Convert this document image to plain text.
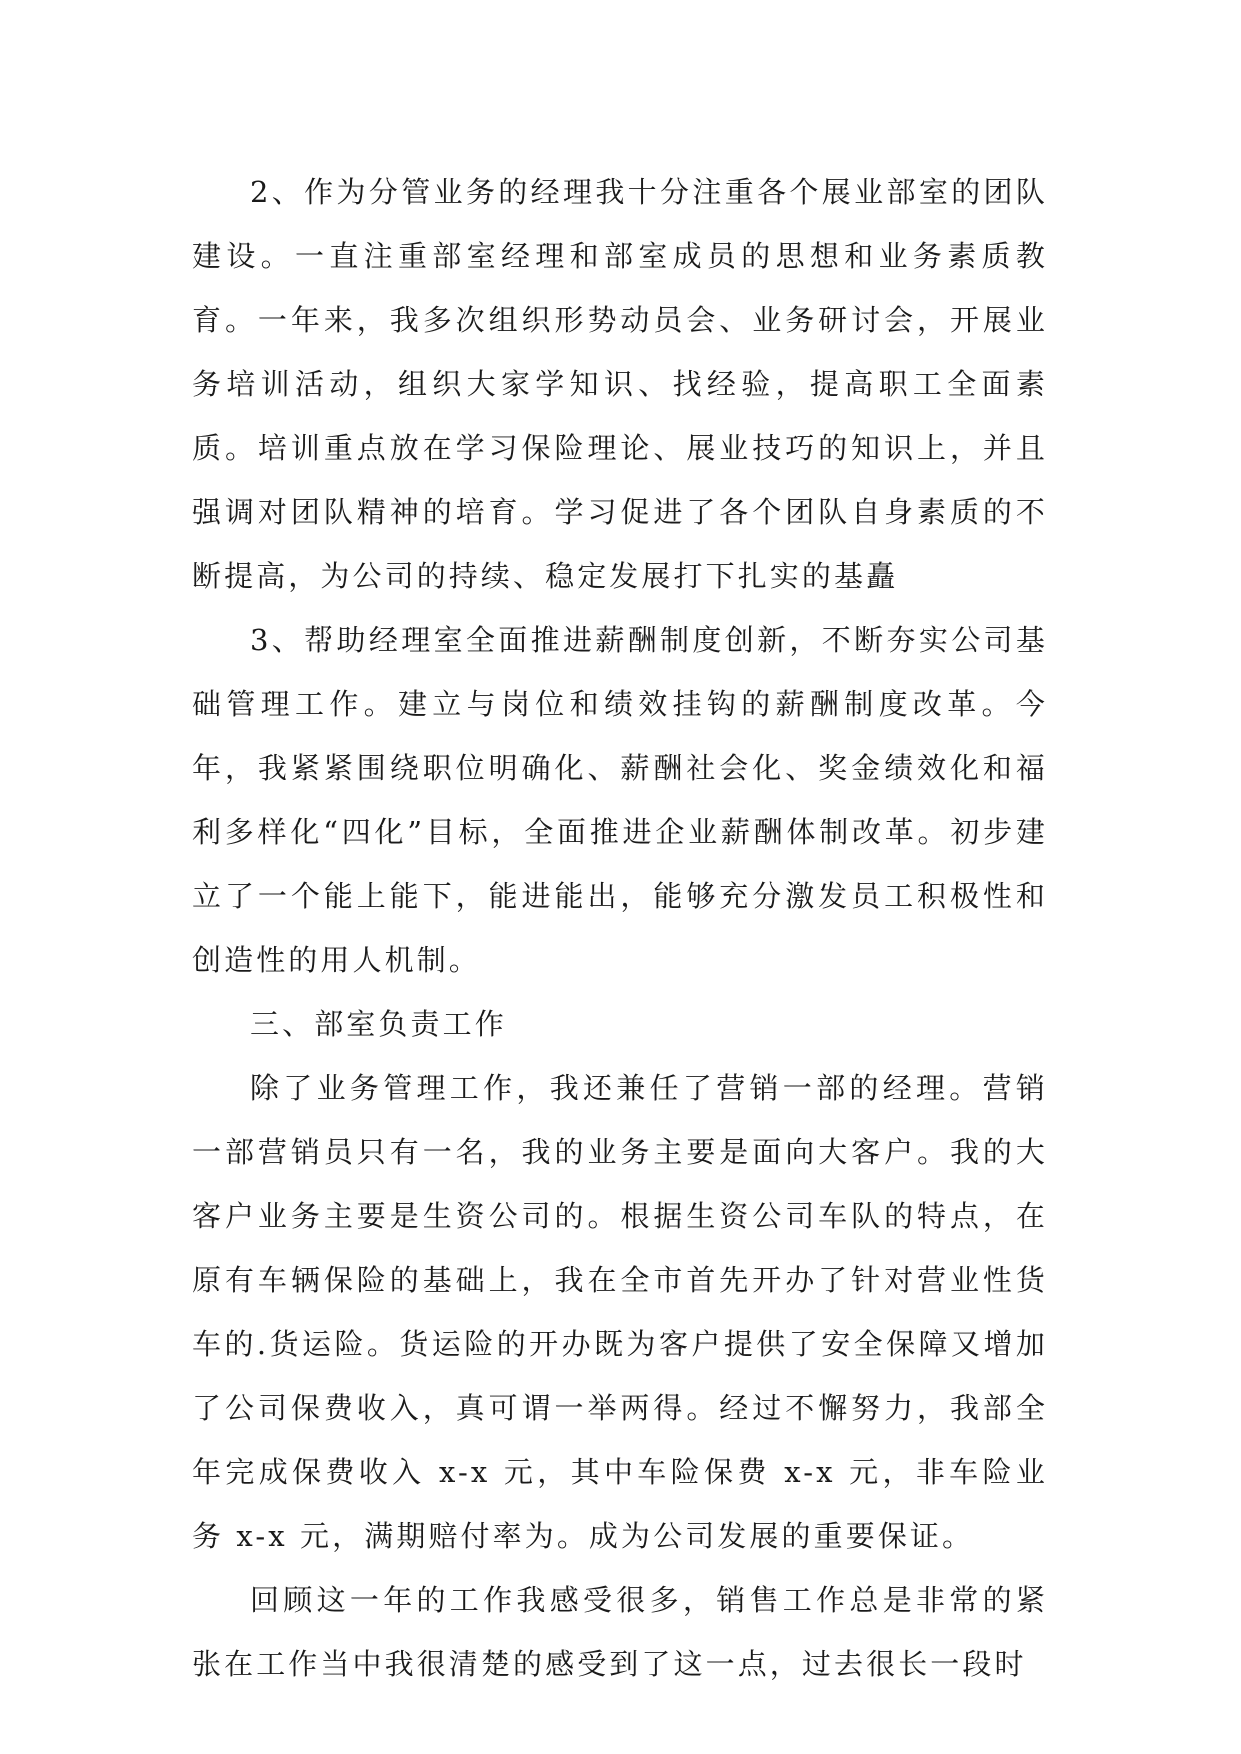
2、作为分管业务的经理我十分注重各个展业部室的团队建设。一直注重部室经理和部室成员的思想和业务素质教育。一年来，我多次组织形势动员会、业务研讨会，开展业务培训活动，组织大家学知识、找经验，提高职工全面素质。培训重点放在学习保险理论、展业技巧的知识上，并且强调对团队精神的培育。学习促进了各个团队自身素质的不断提高，为公司的持续、稳定发展打下扎实的基矗

3、帮助经理室全面推进薪酬制度创新，不断夯实公司基础管理工作。建立与岗位和绩效挂钩的薪酬制度改革。今年，我紧紧围绕职位明确化、薪酬社会化、奖金绩效化和福利多样化“四化”目标，全面推进企业薪酬体制改革。初步建立了一个能上能下，能进能出，能够充分激发员工积极性和创造性的用人机制。

三、部室负责工作

除了业务管理工作，我还兼任了营销一部的经理。营销一部营销员只有一名，我的业务主要是面向大客户。我的大客户业务主要是生资公司的。根据生资公司车队的特点，在原有车辆保险的基础上，我在全市首先开办了针对营业性货车的.货运险。货运险的开办既为客户提供了安全保障又增加了公司保费收入，真可谓一举两得。经过不懈努力，我部全年完成保费收入 x-x 元，其中车险保费 x-x 元，非车险业务 x-x 元，满期赔付率为。成为公司发展的重要保证。

回顾这一年的工作我感受很多，销售工作总是非常的紧张在工作当中我很清楚的感受到了这一点，过去很长一段时
